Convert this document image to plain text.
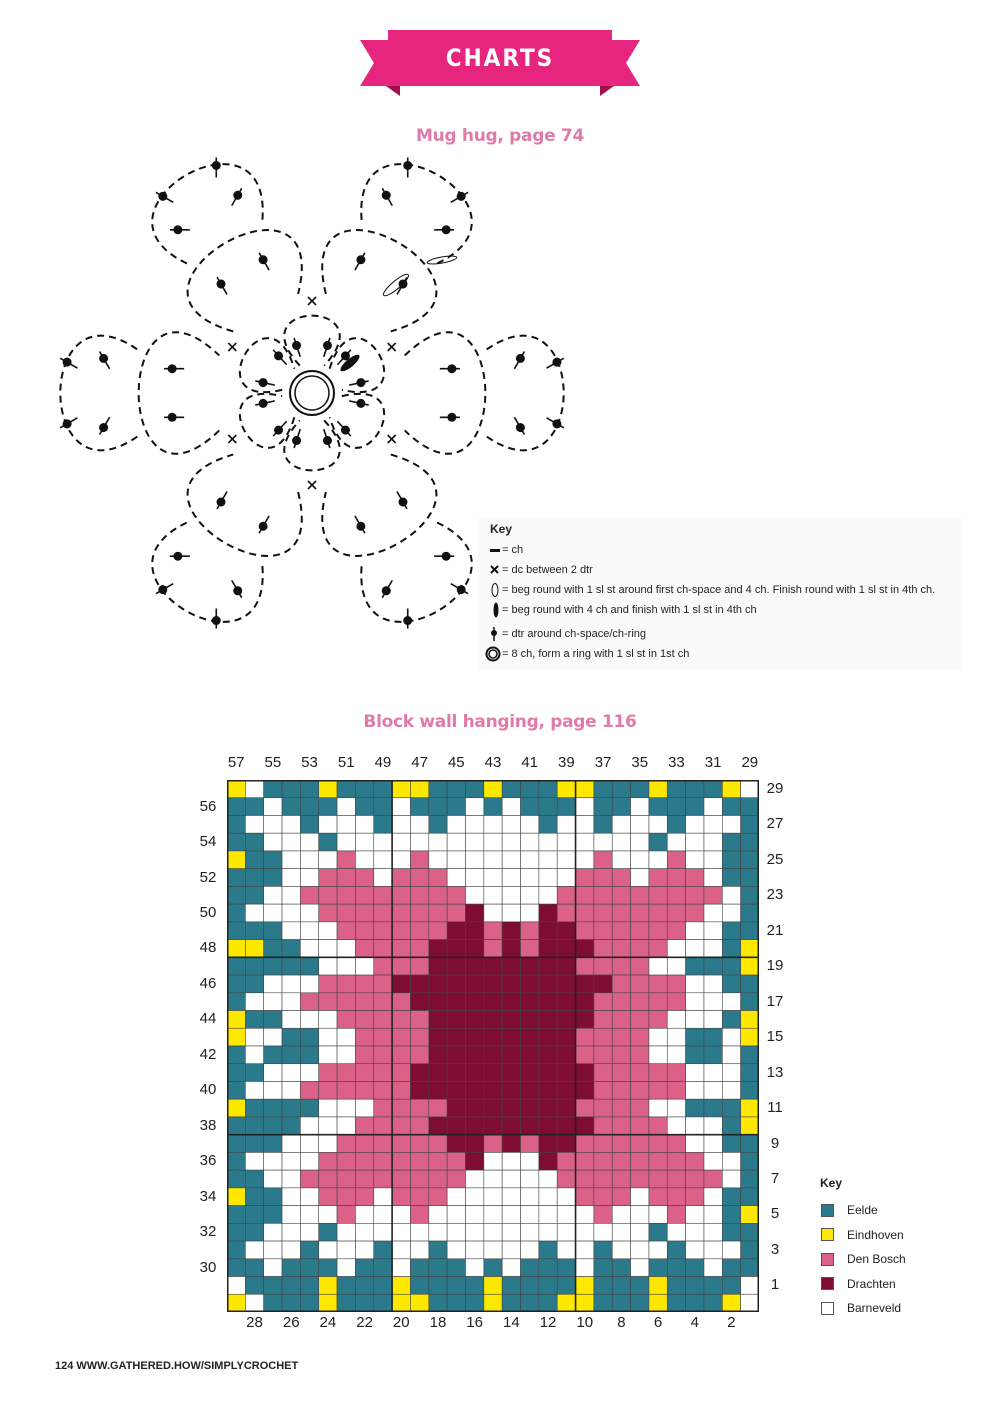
CHARTS
Mug hug, page 74
Key
= ch
= dc between 2 dtr
= beg round with 1 sl st around first ch-space and 4 ch. Finish round with 1 sl st in 4th ch.
= beg round with 4 ch and finish with 1 sl st in 4th ch
= dtr around ch-space/ch-ring
= 8 ch, form a ring with 1 sl st in 1st ch
Block wall hanging, page 116
57	55	53	51	49	47	45	43	41	39	37	35	33	31	29
28	26	24	22	20	18	16	14	12	10	8	6	4	2
56
54
52
50
48
46
44
42
40
38
36
34
32
30
29
27
25
23
21
19
17
15
13
11
9
7
5
3
1
Key
Eelde
Eindhoven
Den Bosch
Drachten
Barneveld
124 WWW.GATHERED.HOW/SIMPLYCROCHET
